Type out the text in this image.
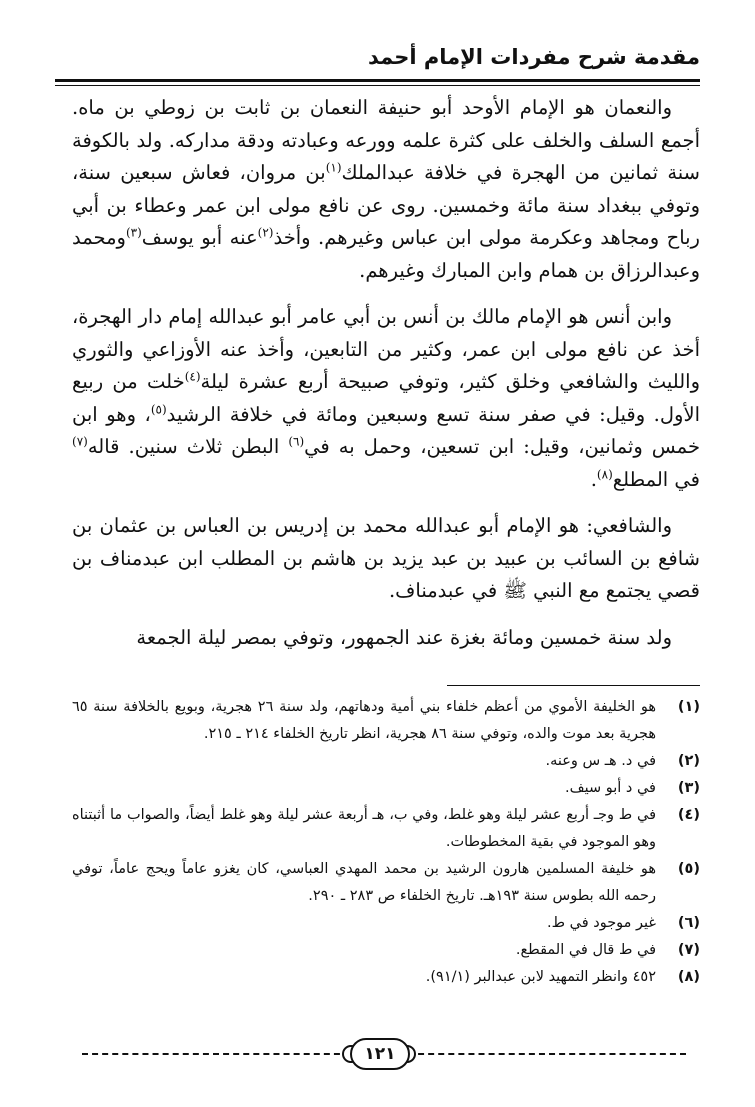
مقدمة شرح مفردات الإمام أحمد

والنعمان هو الإمام الأوحد أبو حنيفة النعمان بن ثابت بن زوطي بن ماه. أجمع السلف والخلف على كثرة علمه وورعه وعبادته ودقة مداركه. ولد بالكوفة سنة ثمانين من الهجرة في خلافة عبدالملك$^{(١)}$بن مروان، فعاش سبعين سنة، وتوفي ببغداد سنة مائة وخمسين. روى عن نافع مولى ابن عمر وعطاء بن أبي رباح ومجاهد وعكرمة مولى ابن عباس وغيرهم. وأخذ$^{(٢)}$عنه أبو يوسف$^{(٣)}$ومحمد وعبدالرزاق بن همام وابن المبارك وغيرهم.

وابن أنس هو الإمام مالك بن أنس بن أبي عامر أبو عبدالله إمام دار الهجرة، أخذ عن نافع مولى ابن عمر، وكثير من التابعين، وأخذ عنه الأوزاعي والثوري والليث والشافعي وخلق كثير، وتوفي صبيحة أربع عشرة ليلة$^{(٤)}$خلت من ربيع الأول. وقيل: في صفر سنة تسع وسبعين ومائة في خلافة الرشيد$^{(٥)}$، وهو ابن خمس وثمانين، وقيل: ابن تسعين، وحمل به في$^{(٦)}$ البطن ثلاث سنين. قاله$^{(٧)}$ في المطلع$^{(٨)}$.

والشافعي: هو الإمام أبو عبدالله محمد بن إدريس بن العباس بن عثمان بن شافع بن السائب بن عبيد بن عبد يزيد بن هاشم بن المطلب ابن عبدمناف بن قصي يجتمع مع النبي ﷺ في عبدمناف.

ولد سنة خمسين ومائة بغزة عند الجمهور، وتوفي بمصر ليلة الجمعة

(١)
هو الخليفة الأموي من أعظم خلفاء بني أمية ودهاتهم، ولد سنة ٢٦ هجرية، وبويع بالخلافة سنة ٦٥ هجرية بعد موت والده، وتوفي سنة ٨٦ هجرية، انظر تاريخ الخلفاء ٢١٤ ـ ٢١٥.
(٢)
في د. هـ س وعنه.
(٣)
في د أبو سيف.
(٤)
في ط وجـ أربع عشر ليلة وهو غلط، وفي ب، هـ أربعة عشر ليلة وهو غلط أيضاً، والصواب ما أثبتناه وهو الموجود في بقية المخطوطات.
(٥)
هو خليفة المسلمين هارون الرشيد بن محمد المهدي العباسي، كان يغزو عاماً ويحج عاماً، توفي رحمه الله بطوس سنة ١٩٣هـ. تاريخ الخلفاء ص ٢٨٣ ـ ٢٩٠.
(٦)
غير موجود في ط.
(٧)
في ط قال في المقطع.
(٨)
٤٥٢ وانظر التمهيد لابن عبدالبر (٩١/١).
١٢١
